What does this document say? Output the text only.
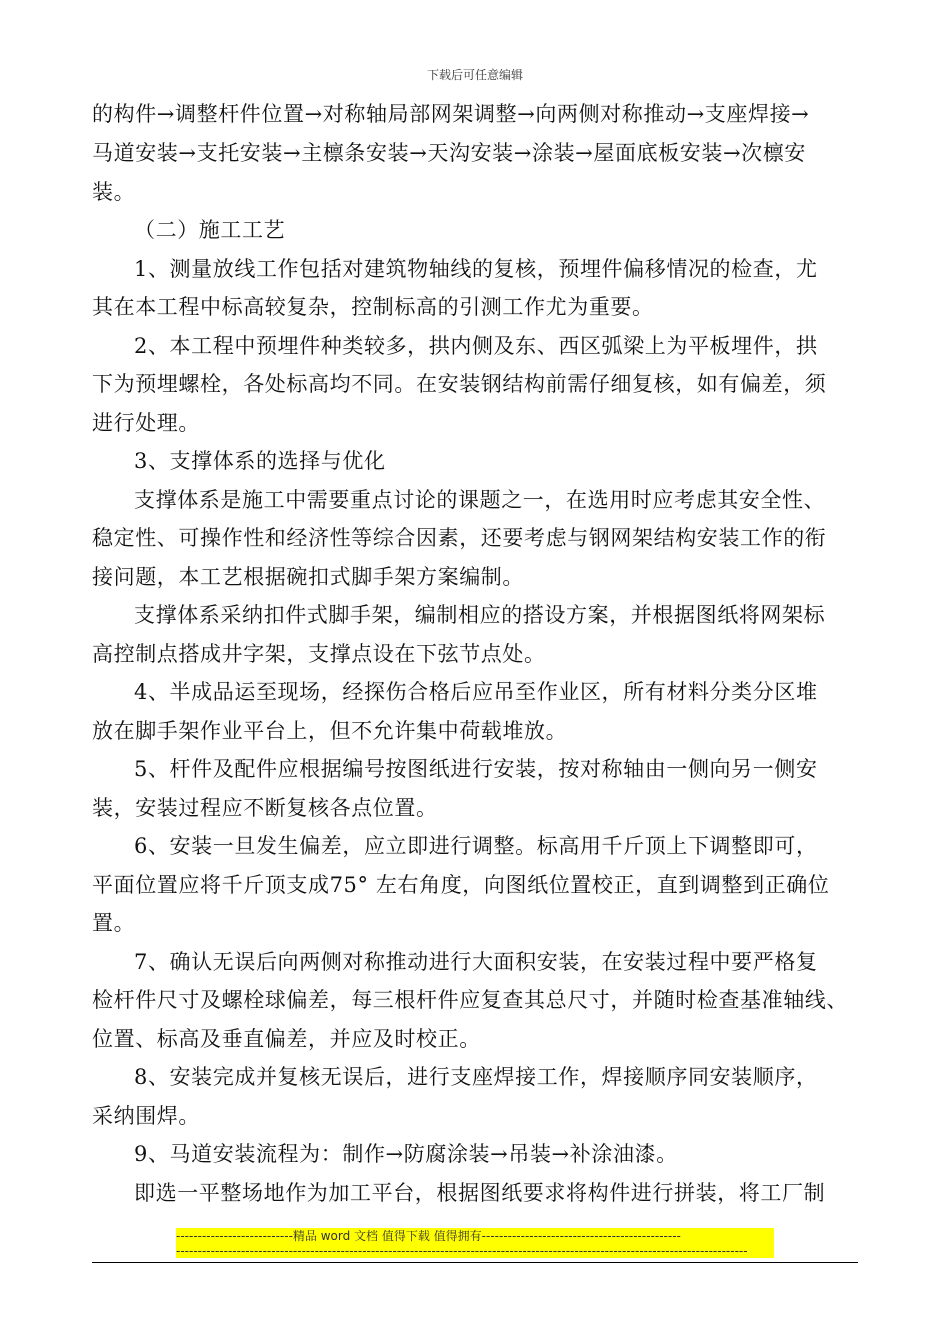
下载后可任意编辑
的构件→调整杆件位置→对称轴局部网架调整→向两侧对称推动→支座焊接→
马道安装→支托安装→主檩条安装→天沟安装→涂装→屋面底板安装→次檩安
装。
（二）施工工艺
1、测量放线工作包括对建筑物轴线的复核，预埋件偏移情况的检查，尤
其在本工程中标高较复杂，控制标高的引测工作尤为重要。
2、本工程中预埋件种类较多，拱内侧及东、西区弧梁上为平板埋件，拱
下为预埋螺栓，各处标高均不同。在安装钢结构前需仔细复核，如有偏差，须
进行处理。
3、支撑体系的选择与优化
支撑体系是施工中需要重点讨论的课题之一，在选用时应考虑其安全性、
稳定性、可操作性和经济性等综合因素，还要考虑与钢网架结构安装工作的衔
接问题，本工艺根据碗扣式脚手架方案编制。
支撑体系采纳扣件式脚手架，编制相应的搭设方案，并根据图纸将网架标
高控制点搭成井字架，支撑点设在下弦节点处。
4、半成品运至现场，经探伤合格后应吊至作业区，所有材料分类分区堆
放在脚手架作业平台上，但不允许集中荷载堆放。
5、杆件及配件应根据编号按图纸进行安装，按对称轴由一侧向另一侧安
装，安装过程应不断复核各点位置。
6、安装一旦发生偏差，应立即进行调整。标高用千斤顶上下调整即可，
平面位置应将千斤顶支成75° 左右角度，向图纸位置校正，直到调整到正确位
置。
7、确认无误后向两侧对称推动进行大面积安装，在安装过程中要严格复
检杆件尺寸及螺栓球偏差，每三根杆件应复查其总尺寸，并随时检查基准轴线、
位置、标高及垂直偏差，并应及时校正。
8、安装完成并复核无误后，进行支座焊接工作，焊接顺序同安装顺序，
采纳围焊。
9、马道安装流程为：制作→防腐涂装→吊装→补涂油漆。
即选一平整场地作为加工平台，根据图纸要求将构件进行拼装，将工厂制
---------------------------精品 word 文档 值得下载 值得拥有----------------------------------------------
------------------------------------------------------------------------------------------------------------------------------------
